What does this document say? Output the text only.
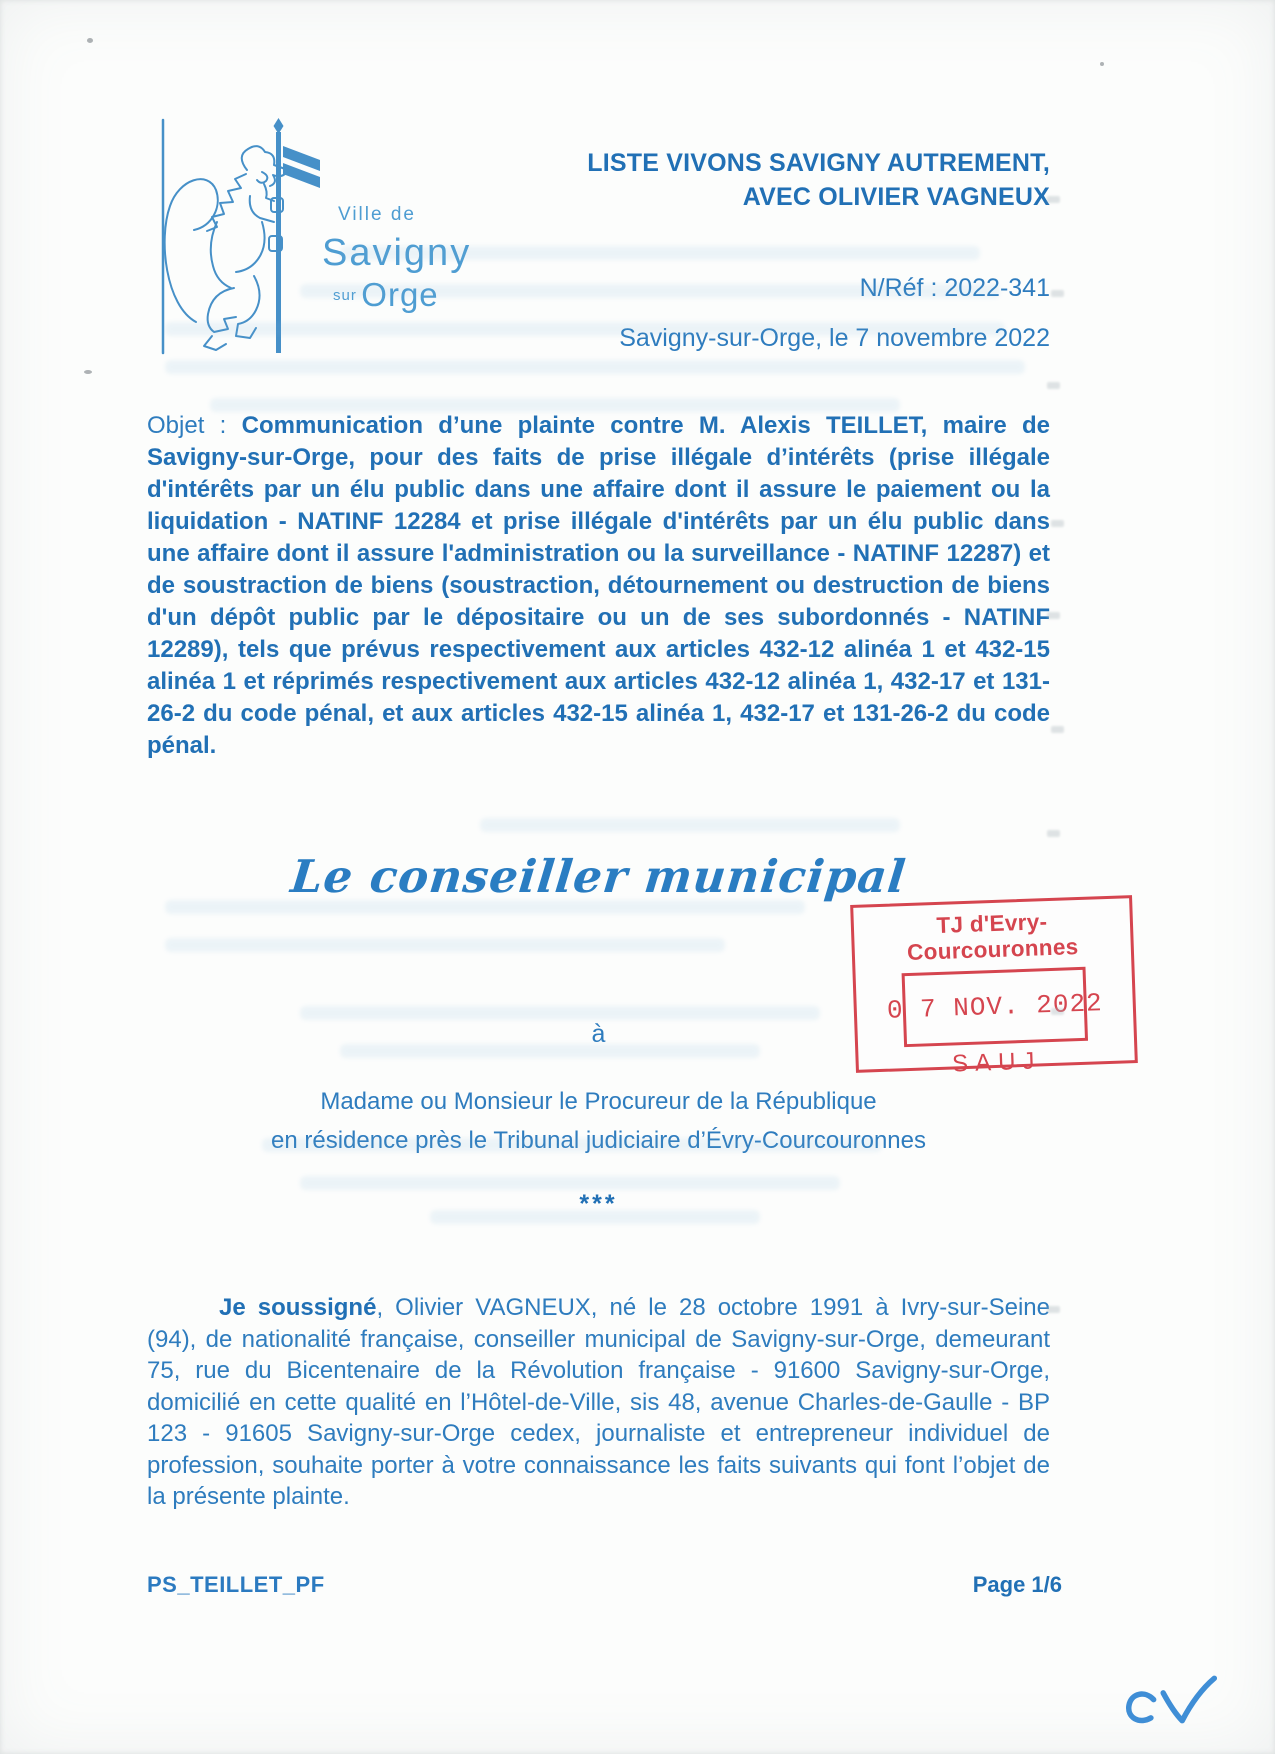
Ville de
Savigny
sur Orge
LISTE VIVONS SAVIGNY AUTREMENT,
AVEC OLIVIER VAGNEUX
N/Réf : 2022-341
Savigny-sur-Orge, le 7 novembre 2022
Objet : Communication d’une plainte contre M. Alexis TEILLET, maire de Savigny-sur-Orge, pour des faits de prise illégale d’intérêts (prise illégale d'intérêts par un élu public dans une affaire dont il assure le paiement ou la liquidation - NATINF 12284 et prise illégale d'intérêts par un élu public dans une affaire dont il assure l'administration ou la surveillance - NATINF 12287) et de soustraction de biens (soustraction, détournement ou destruction de biens d'un dépôt public par le dépositaire ou un de ses subordonnés - NATINF 12289), tels que prévus respectivement aux articles 432-12 alinéa 1 et 432-15 alinéa 1 et réprimés respectivement aux articles 432-12 alinéa 1, 432-17 et 131-26-2 du code pénal, et aux articles 432-15 alinéa 1, 432-17 et 131-26-2 du code pénal.
Le conseiller municipal
TJ d'Evry-Courcouronnes
0 7 NOV. 2022
SAUJ
à
Madame ou Monsieur le Procureur de la République
en résidence près le Tribunal judiciaire d’Évry-Courcouronnes
***
Je soussigné, Olivier VAGNEUX, né le 28 octobre 1991 à Ivry-sur-Seine (94), de nationalité française, conseiller municipal de Savigny-sur-Orge, demeurant 75, rue du Bicentenaire de la Révolution française - 91600 Savigny-sur-Orge, domicilié en cette qualité en l’Hôtel-de-Ville, sis 48, avenue Charles-de-Gaulle - BP 123 - 91605 Savigny-sur-Orge cedex, journaliste et entrepreneur individuel de profession, souhaite porter à votre connaissance les faits suivants qui font l’objet de la présente plainte.
PS_TEILLET_PF	Page 1/6
